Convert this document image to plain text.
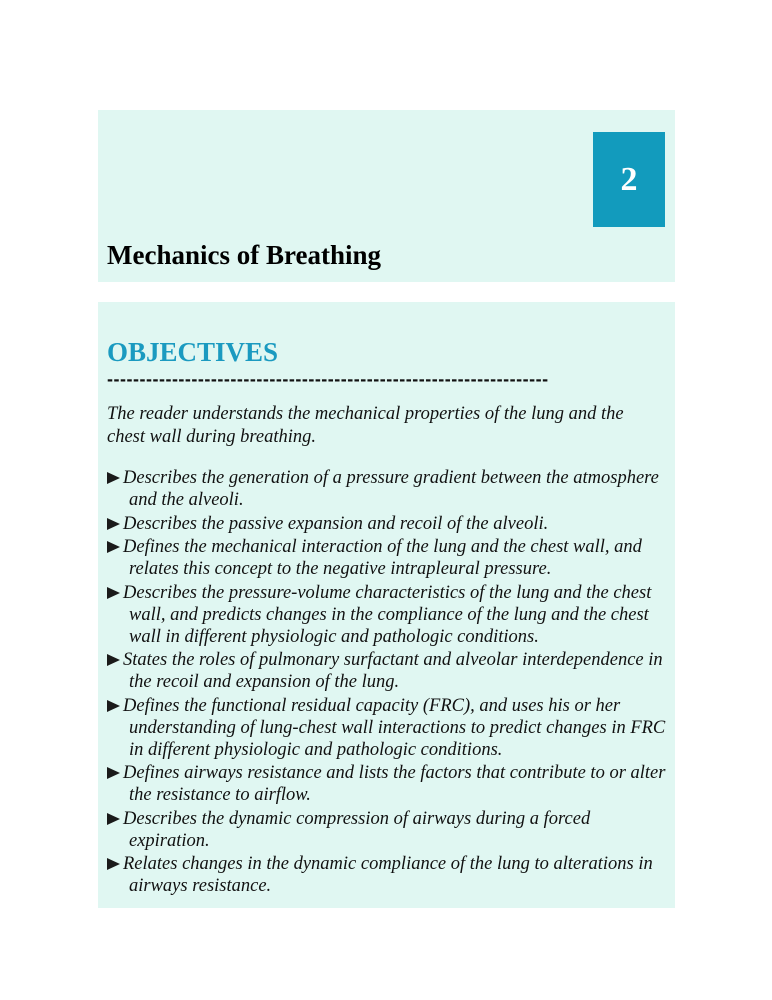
2
Mechanics of Breathing
OBJECTIVES
--------------------------------------------------------------------

The reader understands the mechanical properties of the lung and the chest wall during breathing.

Describes the generation of a pressure gradient between the atmosphere and the alveoli.
Describes the passive expansion and recoil of the alveoli.
Defines the mechanical interaction of the lung and the chest wall, and relates this concept to the negative intrapleural pressure.
Describes the pressure-volume characteristics of the lung and the chest wall, and predicts changes in the compliance of the lung and the chest wall in different physiologic and pathologic conditions.
States the roles of pulmonary surfactant and alveolar interdependence in the recoil and expansion of the lung.
Defines the functional residual capacity (FRC), and uses his or her understanding of lung-chest wall interactions to predict changes in FRC in different physiologic and pathologic conditions.
Defines airways resistance and lists the factors that contribute to or alter the resistance to airflow.
Describes the dynamic compression of airways during a forced expiration.
Relates changes in the dynamic compliance of the lung to alterations in airways resistance.
